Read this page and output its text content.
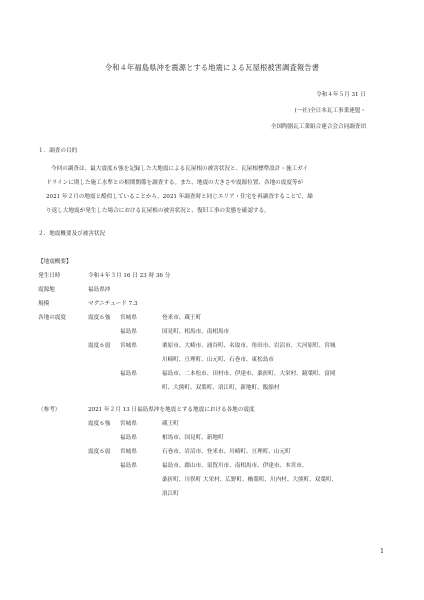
令和４年福島県沖を震源とする地震による瓦屋根被害調査報告書
令和４年５月 31 日
(一社)全日本瓦工事業連盟・
全国陶器瓦工業組合連合会合同調査団
１．調査の目的
今回の調査は、最大震度６強を記録した大地震による瓦屋根の被害状況と、瓦屋根標準設計・施工ガイ
ドラインに則した施工水準との相関関係を調査する。また、地震の大きさや震源位置、各地の震度等が
2021 年２月の地震と酷似していることから、2021 年調査時と同じエリア・住宅を再調査することで、繰
り返し大地震が発生した場合における瓦屋根の被害状況と、復旧工事の実態を確認する。
２．地震概要及び被害状況
【地震概要】
発生日時	令和４年３月 16 日 23 時 36 分
震源地	福島県沖
規模	マグニチュード 7.3
各地の震度	震度６強 宮城県	登米市、蔵王町
福島県	国見町、相馬市、南相馬市
震度６弱 宮城県	栗原市、大崎市、涌谷町、名取市、角田市、岩沼市、大河原町、宮城
川崎町、亘理町、山元町、石巻市、東松島市
福島県	福島市、二本松市、田村市、伊達市、桑折町、大栄村、鏡葉町、富岡
町、大熊町、双葉町、浪江町、新地町、飯舘村
（参考）	2021 年２月 13 日福島県沖を地震とする地震における各地の震度
震度６強 宮城県	蔵王町
福島県	相馬市、国見町、新地町
震度６弱 宮城県	石巻市、岩沼市、登米市、川崎町、亘理町、山元町
福島県	福島市、郡山市、須賀川市、南相馬市、伊達市、本宮市、
桑折町、川俣町 大栄村、広野町、楢葉町、川内村、大熊町、双葉町、
浪江町
1
